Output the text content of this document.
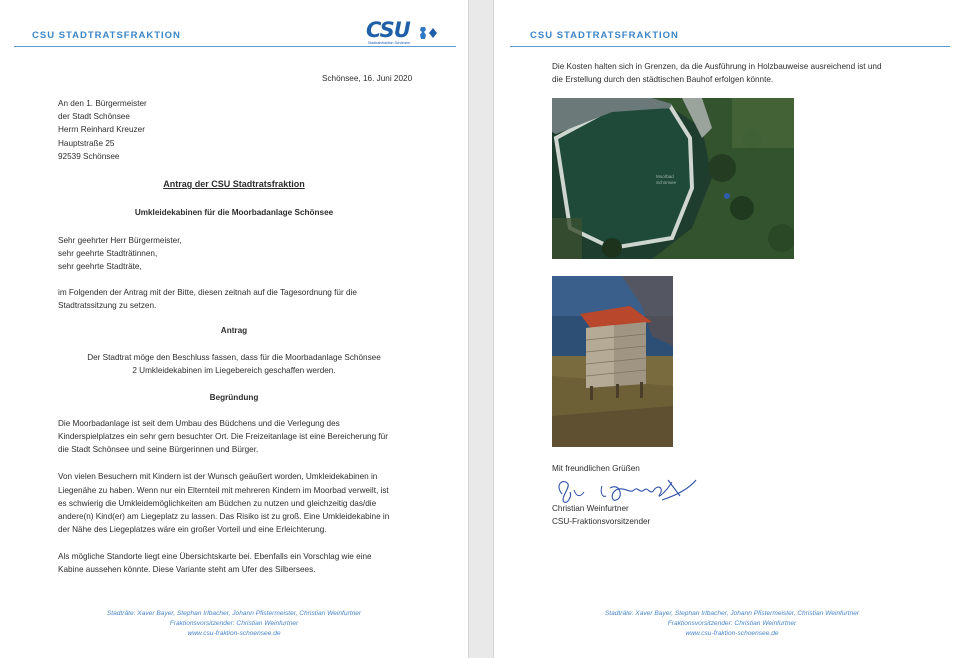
CSU STADTRATSFRAKTION	CSU
Stadtratsfraktion Schönsee
Schönsee, 16. Juni 2020
An den 1. Bürgermeister
der Stadt Schönsee
Herrn Reinhard Kreuzer
Hauptstraße 25
92539 Schönsee
Antrag der CSU Stadtratsfraktion
Umkleidekabinen für die Moorbadanlage Schönsee
Sehr geehrter Herr Bürgermeister,
sehr geehrte Stadträtinnen,
sehr geehrte Stadträte,
im Folgenden der Antrag mit der Bitte, diesen zeitnah auf die Tagesordnung für die
Stadtratssitzung zu setzen.
Antrag
Der Stadtrat möge den Beschluss fassen, dass für die Moorbadanlage Schönsee
2 Umkleidekabinen im Liegebereich geschaffen werden.
Begründung
Die Moorbadanlage ist seit dem Umbau des Büdchens und die Verlegung des
Kinderspielplatzes ein sehr gern besuchter Ort. Die Freizeitanlage ist eine Bereicherung für
die Stadt Schönsee und seine Bürgerinnen und Bürger.
Von vielen Besuchern mit Kindern ist der Wunsch geäußert worden, Umkleidekabinen in
Liegenähe zu haben. Wenn nur ein Elternteil mit mehreren Kindern im Moorbad verweilt, ist
es schwierig die Umkleidemöglichkeiten am Büdchen zu nutzen und gleichzeitig das/die
andere(n) Kind(er) am Liegeplatz zu lassen. Das Risiko ist zu groß. Eine Umkleidekabine in
der Nähe des Liegeplatzes wäre ein großer Vorteil und eine Erleichterung.
Als mögliche Standorte liegt eine Übersichtskarte bei. Ebenfalls ein Vorschlag wie eine
Kabine aussehen könnte. Diese Variante steht am Ufer des Silbersees.
Stadträte: Xaver Bayer, Stephan Irlbacher, Johann Pfistermeister, Christian Weinfurtner
Fraktionsvorsitzender: Christian Weinfurtner
www.csu-fraktion-schoensee.de
CSU STADTRATSFRAKTION
Die Kosten halten sich in Grenzen, da die Ausführung in Holzbauweise ausreichend ist und
die Erstellung durch den städtischen Bauhof erfolgen könnte.
Moorbad
Schönsee
Mit freundlichen Grüßen
Christian Weinfurtner
CSU-Fraktionsvorsitzender
Stadträte: Xaver Bayer, Stephan Irlbacher, Johann Pfistermeister, Christian Weinfurtner
Fraktionsvorsitzender: Christian Weinfurtner
www.csu-fraktion-schoensee.de
